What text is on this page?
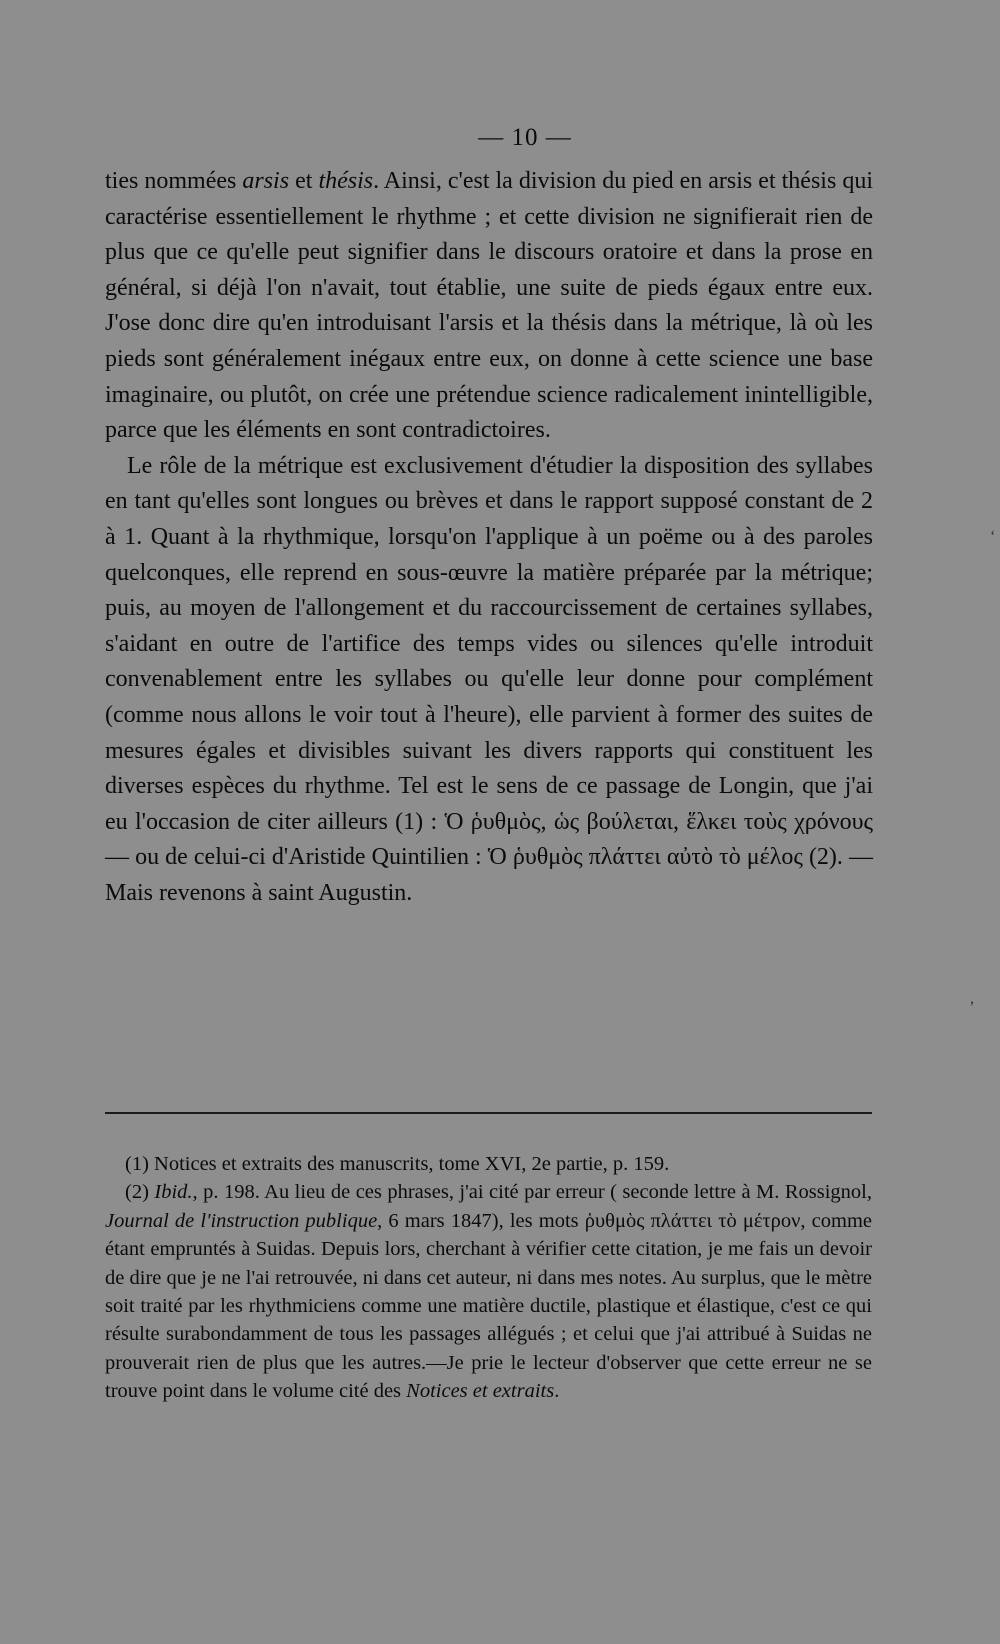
— 10 —

ties nommées arsis et thésis. Ainsi, c'est la division du pied en arsis et thésis qui caractérise essentiellement le rhythme ; et cette division ne signifierait rien de plus que ce qu'elle peut signifier dans le discours oratoire et dans la prose en général, si déjà l'on n'avait, tout établie, une suite de pieds égaux entre eux. J'ose donc dire qu'en introduisant l'arsis et la thésis dans la métrique, là où les pieds sont généralement inégaux entre eux, on donne à cette science une base imaginaire, ou plutôt, on crée une prétendue science radicalement inintelligible, parce que les éléments en sont contradictoires.

Le rôle de la métrique est exclusivement d'étudier la disposition des syllabes en tant qu'elles sont longues ou brèves et dans le rapport supposé constant de 2 à 1. Quant à la rhythmique, lorsqu'on l'applique à un poëme ou à des paroles quelconques, elle reprend en sous-œuvre la matière préparée par la métrique; puis, au moyen de l'allongement et du raccourcissement de certaines syllabes, s'aidant en outre de l'artifice des temps vides ou silences qu'elle introduit convenablement entre les syllabes ou qu'elle leur donne pour complément (comme nous allons le voir tout à l'heure), elle parvient à former des suites de mesures égales et divisibles suivant les divers rapports qui constituent les diverses espèces du rhythme. Tel est le sens de ce passage de Longin, que j'ai eu l'occasion de citer ailleurs (1) : Ὁ ῥυθμὸς, ὡς βούλεται, ἕλκει τοὺς χρόνους— ou de celui-ci d'Aristide Quintilien : Ὁ ῥυθμὸς πλάττει αὐτὸ τὸ μέλος (2). — Mais revenons à saint Augustin.

(1) Notices et extraits des manuscrits, tome XVI, 2e partie, p. 159.

(2) Ibid., p. 198. Au lieu de ces phrases, j'ai cité par erreur ( seconde lettre à M. Rossignol, Journal de l'instruction publique, 6 mars 1847), les mots ῥυθμὸς πλάττει τὸ μέτρον, comme étant empruntés à Suidas. Depuis lors, cherchant à vérifier cette citation, je me fais un devoir de dire que je ne l'ai retrouvée, ni dans cet auteur, ni dans mes notes. Au surplus, que le mètre soit traité par les rhythmiciens comme une matière ductile, plastique et élastique, c'est ce qui résulte surabondamment de tous les passages allégués ; et celui que j'ai attribué à Suidas ne prouverait rien de plus que les autres.—Je prie le lecteur d'observer que cette erreur ne se trouve point dans le volume cité des Notices et extraits.

‘
,
